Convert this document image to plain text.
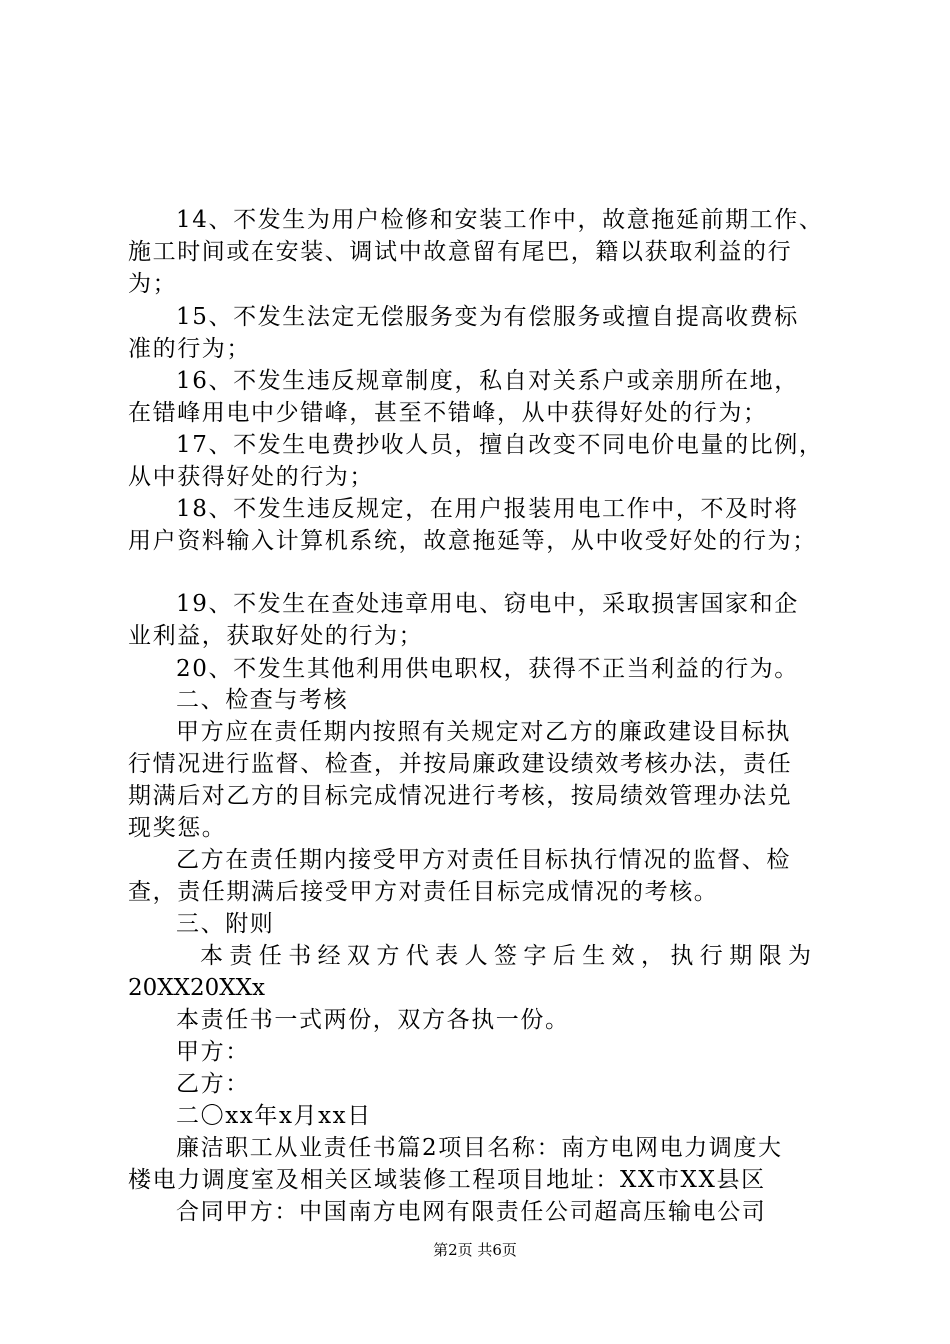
14、不发生为用户检修和安装工作中，故意拖延前期工作、
施工时间或在安装、调试中故意留有尾巴，籍以获取利益的行
为；
15、不发生法定无偿服务变为有偿服务或擅自提高收费标
准的行为；
16、不发生违反规章制度，私自对关系户或亲朋所在地，
在错峰用电中少错峰，甚至不错峰，从中获得好处的行为；
17、不发生电费抄收人员，擅自改变不同电价电量的比例，
从中获得好处的行为；
18、不发生违反规定，在用户报装用电工作中，不及时将
用户资料输入计算机系统，故意拖延等，从中收受好处的行为；
19、不发生在查处违章用电、窃电中，采取损害国家和企
业利益，获取好处的行为；
20、不发生其他利用供电职权，获得不正当利益的行为。
二、检查与考核
甲方应在责任期内按照有关规定对乙方的廉政建设目标执
行情况进行监督、检查，并按局廉政建设绩效考核办法，责任
期满后对乙方的目标完成情况进行考核，按局绩效管理办法兑
现奖惩。
乙方在责任期内接受甲方对责任目标执行情况的监督、检
查，责任期满后接受甲方对责任目标完成情况的考核。
三、附则
本责任书经双方代表人签字后生效，执行期限为
20XX20XXx
本责任书一式两份，双方各执一份。
甲方：
乙方：
二〇xx年x月xx日
廉洁职工从业责任书篇2项目名称：南方电网电力调度大
楼电力调度室及相关区域装修工程项目地址：XX市XX县区
合同甲方：中国南方电网有限责任公司超高压输电公司
第2页 共6页
